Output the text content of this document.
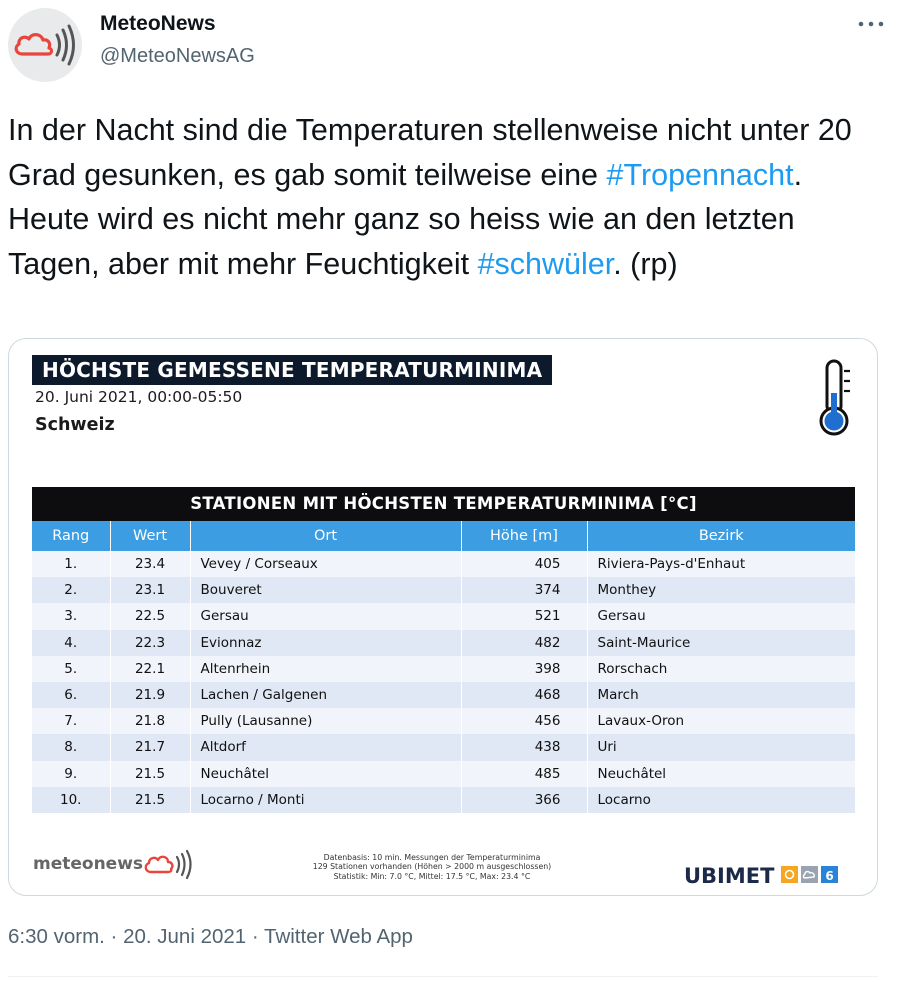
MeteoNews
@MeteoNewsAG
In der Nacht sind die Temperaturen stellenweise nicht unter 20 Grad gesunken, es gab somit teilweise eine #Tropennacht. Heute wird es nicht mehr ganz so heiss wie an den letzten Tagen, aber mit mehr Feuchtigkeit #schwüler. (rp)
HÖCHSTE GEMESSENE TEMPERATURMINIMA
20. Juni 2021, 00:00-05:50
Schweiz
STATIONEN MIT HÖCHSTEN TEMPERATURMINIMA [°C]
Rang	Wert	Ort	Höhe [m]	Bezirk
1.	23.4	Vevey / Corseaux	405	Riviera-Pays-d'Enhaut
2.	23.1	Bouveret	374	Monthey
3.	22.5	Gersau	521	Gersau
4.	22.3	Evionnaz	482	Saint-Maurice
5.	22.1	Altenrhein	398	Rorschach
6.	21.9	Lachen / Galgenen	468	March
7.	21.8	Pully (Lausanne)	456	Lavaux-Oron
8.	21.7	Altdorf	438	Uri
9.	21.5	Neuchâtel	485	Neuchâtel
10.	21.5	Locarno / Monti	366	Locarno
meteonews	Datenbasis: 10 min. Messungen der Temperaturminima
129 Stationen vorhanden (Höhen > 2000 m ausgeschlossen)
Statistik: Min: 7.0 °C, Mittel: 17.5 °C, Max: 23.4 °C	UBIMET	6
6:30 vorm. · 20. Juni 2021 · Twitter Web App
